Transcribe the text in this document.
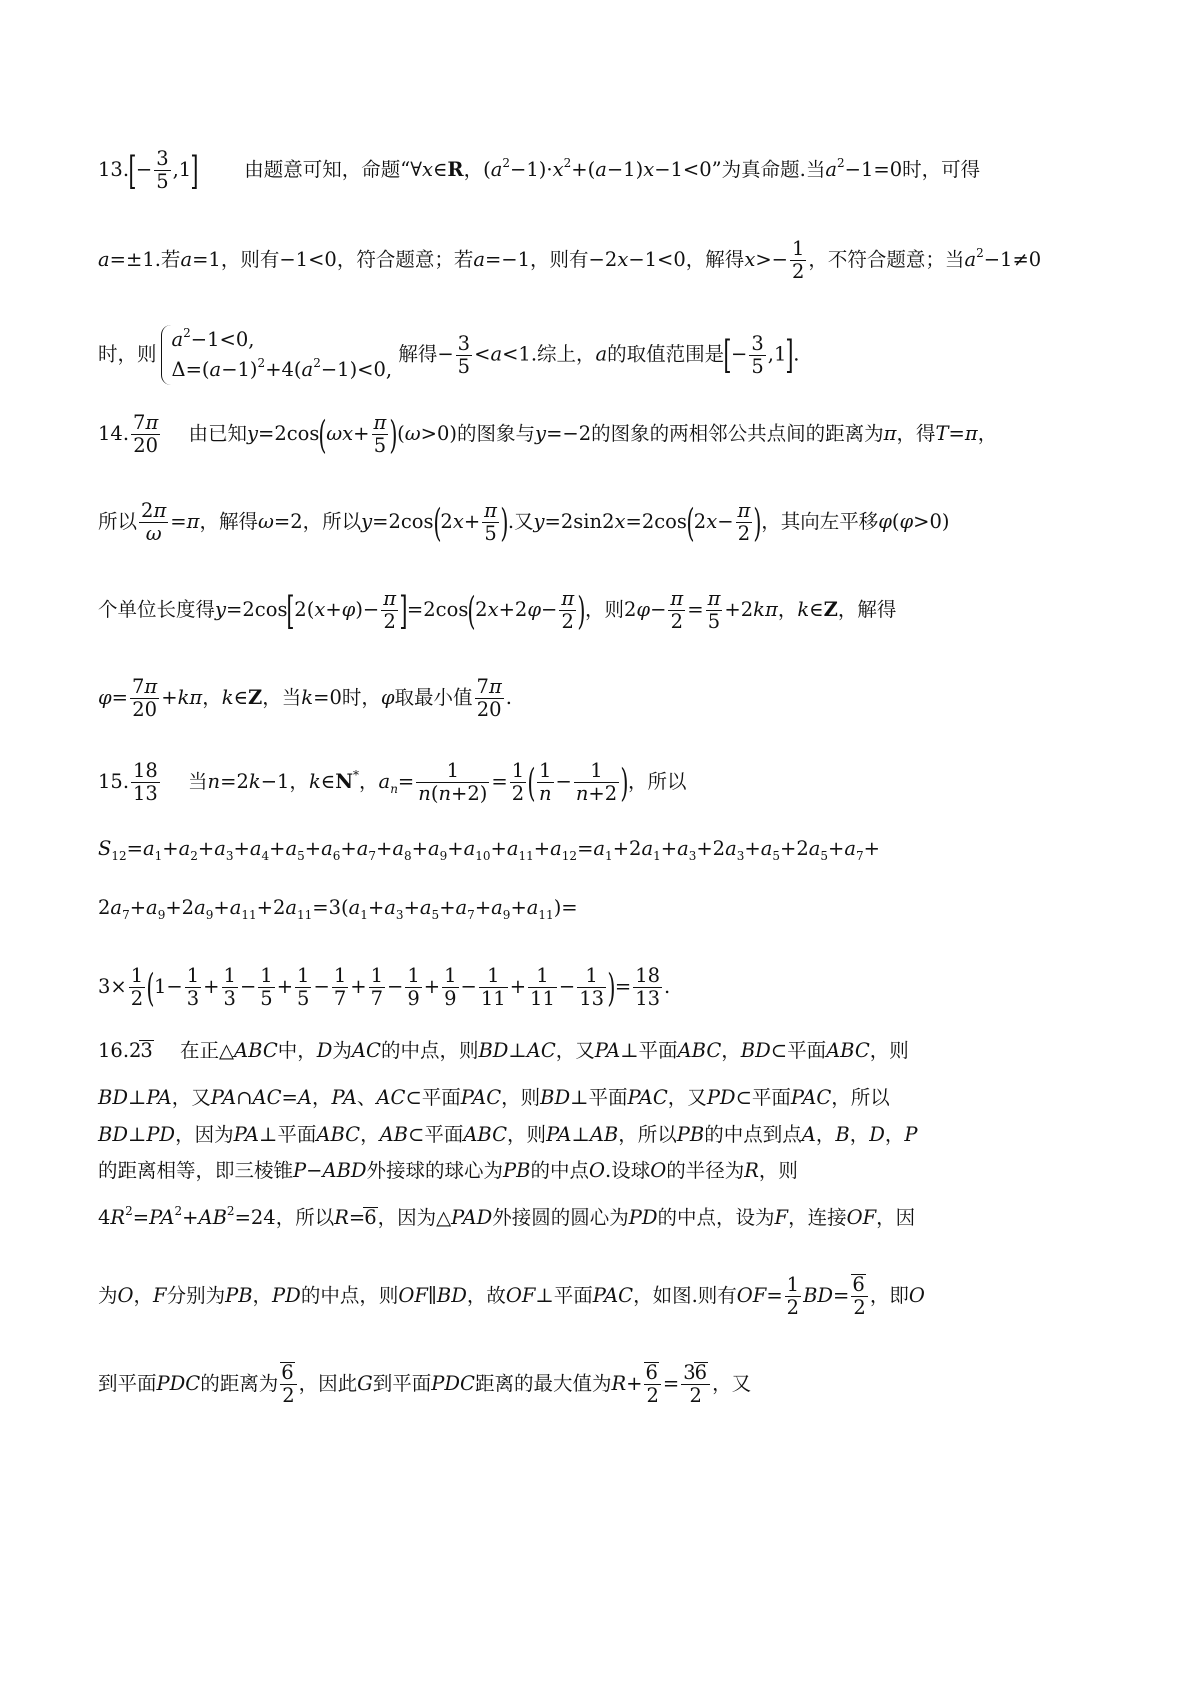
$13.[- \frac{3}{5} ,1]$ 由题意可知，命题“∀x∈R，$(a^2-1)\cdot x^2+(a-1)x-1<0$”为真命题.当$a^2-1=0$时，可得
a=±1.若a=1，则有−1<0，符合题意；若a=−1，则有−2x−1<0，解得$x>- \frac{1}{2}$ ，不符合题意；当$a^2-1\ne 0$
时，则
$a^2-1<0$,
$\Delta=(a-1)^2+4(a^2-1)<0$,
解得− $\frac{3}{5} <a<1$.综上，a的取值范围是[− $\frac{3}{5} ,1$].
14. $\frac{7\pi}{20}$ 由已知$y=2\cos(\omega x+ \frac{\pi}{5} )(\omega>0)$的图象与y=−2的图象的两相邻公共点间的距离为π，得T=π，
所以 $\frac{2\pi}{\omega} =\pi$，解得ω=2，所以$y=2\cos(2x+ \frac{\pi}{5}$ ).又$y=2\sin 2x=2\cos(2x- \frac{\pi}{2}$ )，其向左平移φ(φ>0)
个单位长度得$y=2\cos[2(x+\varphi)- \frac{\pi}{2} ]=2\cos(2x+2\varphi- \frac{\pi}{2}$ )，则$2\varphi- \frac{\pi}{2} = \frac{\pi}{5} +2k\pi$，k∈Z，解得
$\varphi= \frac{7\pi}{20} +k\pi$，k∈Z，当k=0时，φ取最小值 $\frac{7\pi}{20}$ .
15. $\frac{18}{13}$ 当n=2k−1，k∈N*，$a_n= \frac{1}{n(n+2)} = \frac{1}{2}$ ( $\frac{1}{n} - \frac{1}{n+2}$ )，所以
$S_{12}=a_1+a_2+a_3+a_4+a_5+a_6+a_7+a_8+a_9+a_{10}+a_{11}+a_{12}=a_1+2a_1+a_3+2a_3+a_5+2a_5+a_7+$
$2a_7+a_9+2a_9+a_{11}+2a_{11}=3(a_1+a_3+a_5+a_7+a_9+a_{11})=$
$3\times \frac{1}{2} (1- \frac{1}{3} + \frac{1}{3} - \frac{1}{5} + \frac{1}{5} - \frac{1}{7} + \frac{1}{7} - \frac{1}{9} + \frac{1}{9} - \frac{1}{11} + \frac{1}{11} - \frac{1}{13}$ )= $\frac{18}{13}$ .
16.23 在正△ABC中，D为AC的中点，则BD⊥AC，又PA⊥平面ABC，BD⊂平面ABC，则
BD⊥PA，又PA∩AC=A，PA、AC⊂平面PAC，则BD⊥平面PAC，又PD⊂平面PAC，所以
BD⊥PD，因为PA⊥平面ABC，AB⊂平面ABC，则PA⊥AB，所以PB的中点到点A，B，D，P
的距离相等，即三棱锥P−ABD外接球的球心为PB的中点O.设球O的半径为R，则
$4R^2=PA^2+AB^2=24$，所以R=6，因为△PAD外接圆的圆心为PD的中点，设为F，连接OF，因
为O，F分别为PB，PD的中点，则OF∥BD，故OF⊥平面PAC，如图.则有$OF= \frac{1}{2} BD= \frac{6}{2}$ ，即O
到平面PDC的距离为 $\frac{6}{2}$ ，因此G到平面PDC距离的最大值为$R+ \frac{6}{2} = \frac{36}{2}$ ，又
